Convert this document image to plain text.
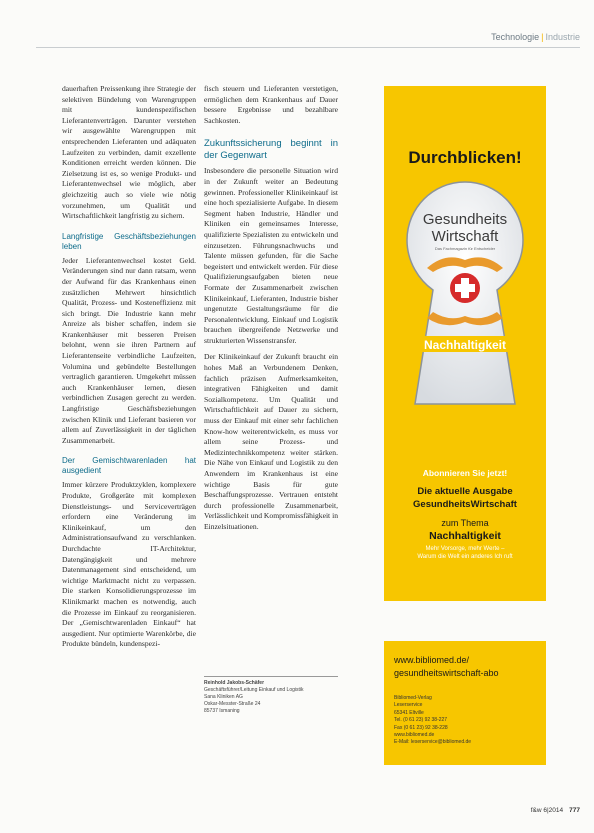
Technologie | Industrie

dauerhaften Preissenkung ihre Strategie der selektiven Bündelung von Warengruppen mit kundenspezifischen Lieferantenverträgen. Darunter verstehen wir ausgewählte Warengruppen mit entsprechenden Lieferanten und adäquaten Laufzeiten zu verbinden, damit exzellente Konditionen erreicht werden können. Die Zielsetzung ist es, so wenige Produkt- und Lieferantenwechsel wie möglich, aber gleichzeitig auch so viele wie nötig vorzunehmen, um Qualität und Wirtschaftlichkeit langfristig zu sichern.

Langfristige Geschäftsbeziehungen leben

Jeder Lieferantenwechsel kostet Geld. Veränderungen sind nur dann ratsam, wenn der Aufwand für das Krankenhaus einen zusätzlichen Mehrwert hinsichtlich Qualität, Prozess- und Kosteneffizienz mit sich bringt. Die Industrie kann mehr Anreize als bisher schaffen, indem sie Krankenhäuser mit besseren Preisen belohnt, wenn sie ihren Partnern auf Lieferantenseite verbindliche Laufzeiten, Volumina und gebündelte Bestellungen vertraglich garantieren. Umgekehrt müssen auch Krankenhäuser lernen, diesen verbindlichen Zusagen gerecht zu werden. Langfristige Geschäftsbeziehungen zwischen Klinik und Lieferant basieren vor allem auf Zuverlässigkeit in der täglichen Zusammenarbeit.

Der Gemischtwarenladen hat ausgedient

Immer kürzere Produktzyklen, komplexere Produkte, Großgeräte mit komplexen Dienstleistungs- und Serviceverträgen erfordern eine Veränderung im Klinikeinkauf, um den Administrationsaufwand zu verschlanken. Durchdachte IT-Architektur, Datengängigkeit und mehrere Datenmanagement sind entscheidend, um wichtige Marktmacht nicht zu verpassen. Die starken Konsolidierungsprozesse im Klinikmarkt machen es notwendig, auch die Prozesse im Einkauf zu reorganisieren. Der „Gemischtwarenladen Einkauf“ hat ausgedient. Nur optimierte Warenkörbe, die Produkte bündeln, kundenspezi-

fisch steuern und Lieferanten verstetigen, ermöglichen dem Krankenhaus auf Dauer bessere Ergebnisse und bezahlbare Sachkosten.

Zukunftssicherung beginnt in der Gegenwart

Insbesondere die personelle Situation wird in der Zukunft weiter an Bedeutung gewinnen. Professioneller Klinikeinkauf ist eine hoch spezialisierte Aufgabe. In diesem Segment haben Industrie, Händler und Kliniken ein gemeinsames Interesse, qualifizierte Spezialisten zu entwickeln und einzusetzen. Führungsnachwuchs und Talente müssen gefunden, für die Sache begeistert und entwickelt werden. Für diese Qualifizierungsaufgaben bieten neue Formate der Zusammenarbeit zwischen Klinikeinkauf, Lieferanten, Industrie bisher ungenutzte Gestaltungsräume für die Personalentwicklung. Einkauf und Logistik brauchen übergreifende Netzwerke und strukturierten Wissenstransfer.

Der Klinikeinkauf der Zukunft braucht ein hohes Maß an Verbundenem Denken, fachlich präzisen Aufmerksamkeiten, integrativen Fähigkeiten und damit Sozialkompetenz. Um Qualität und Wirtschaftlichkeit auf Dauer zu sichern, muss der Einkauf mit einer sehr fachlichen Know-how weiterentwickeln, es muss vor allem seine Prozess- und Medizintechnikkompetenz weiter stärken. Die Nähe von Einkauf und Logistik zu den Anwendern im Krankenhaus ist eine wichtige Basis für gute Beschaffungsprozesse. Vertrauen entsteht durch professionelle Zusammenarbeit, Verlässlichkeit und Kompromissfähigkeit in Einzelsituationen.

Reinhold Jakobs-Schäfer
Geschäftsführer/Leitung Einkauf und Logistik
Sana Kliniken AG
Oskar-Messter-Straße 24
85737 Ismaning
Durchblicken!
Gesundheits
Wirtschaft
Das Fachmagazin für Entscheider
Nachhaltigkeit
Abonnieren Sie jetzt!
Die aktuelle Ausgabe
GesundheitsWirtschaft
zum Thema
Nachhaltigkeit
Mehr Vorsorge, mehr Werte –
Warum die Welt ein anderes Ich ruft
www.bibliomed.de/
gesundheitswirtschaft-abo
Bibliomed-Verlag
Leserservice
65341 Eltville
Tel. (0 61 23) 92 38-227
Fax (0 61 23) 92 38-228
www.bibliomed.de
E-Mail: leserservice@bibliomed.de
f&w 6|2014 777
